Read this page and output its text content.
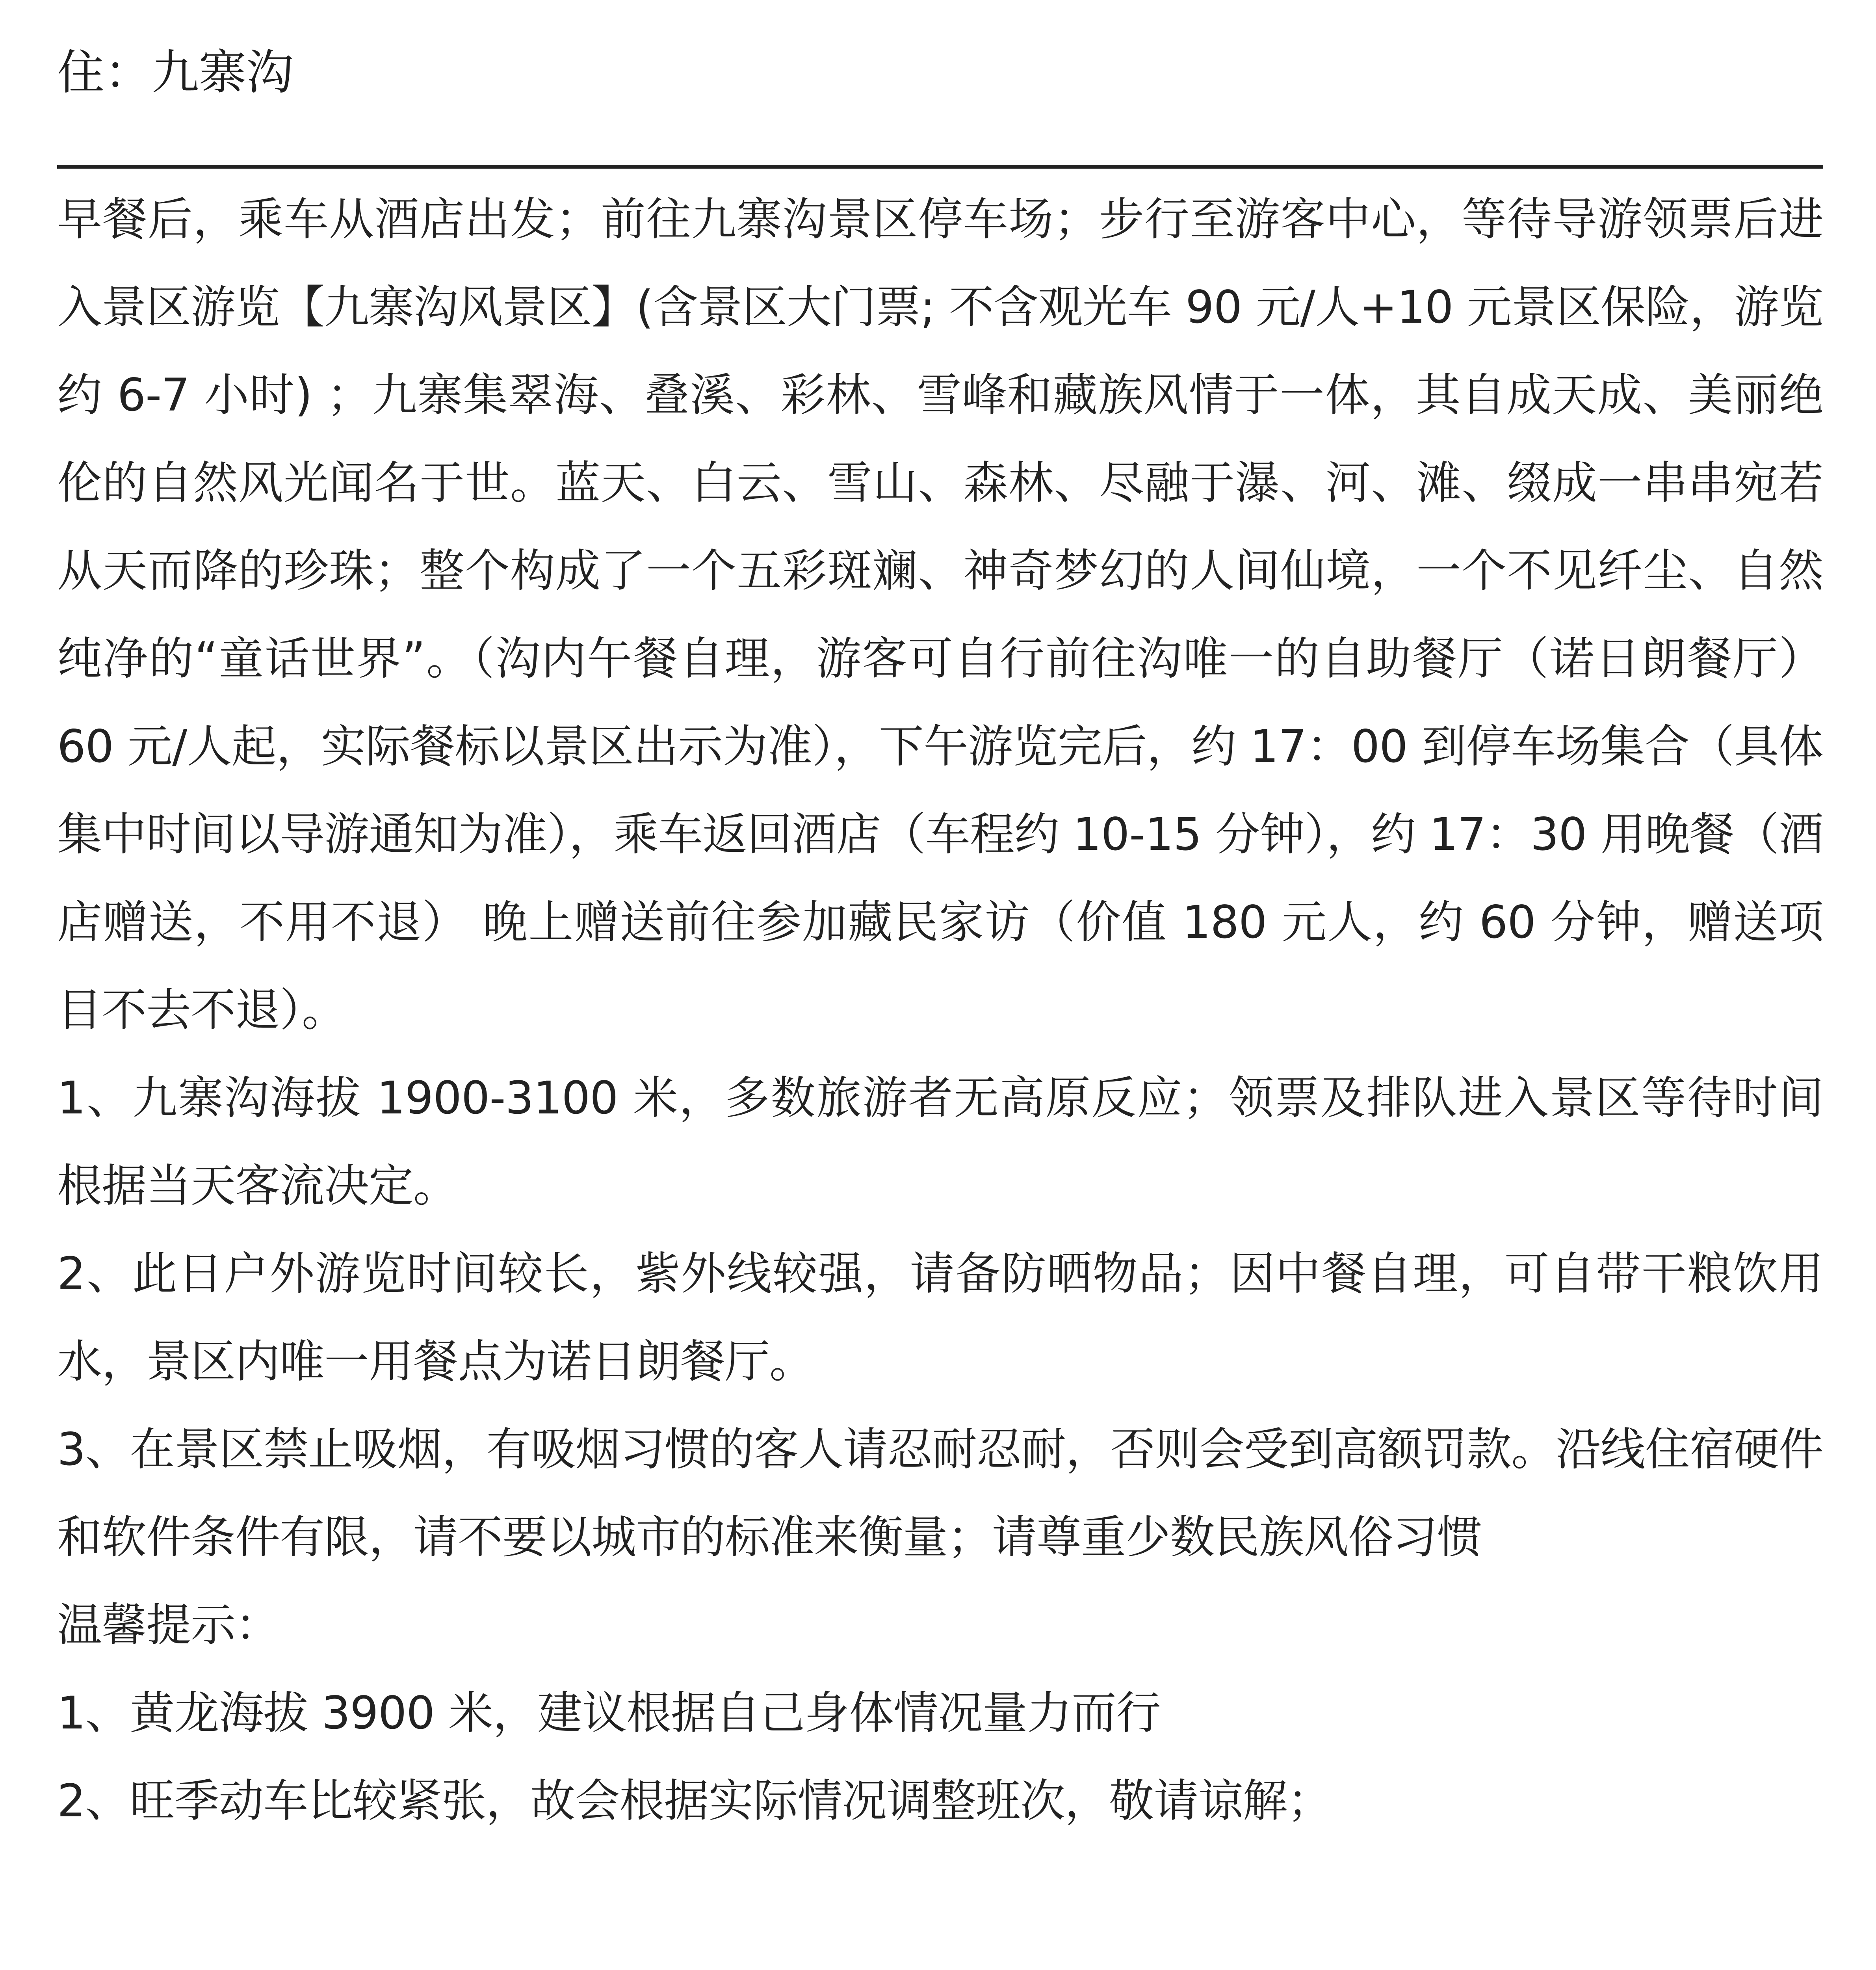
住：九寨沟

早餐后，乘车从酒店出发；前往九寨沟景区停车场；步行至游客中心，等待导游领票后进入景区游览【九寨沟风景区】(含景区大门票; 不含观光车 90 元/人+10 元景区保险，游览约 6-7 小时) ；九寨集翠海、叠溪、彩林、雪峰和藏族风情于一体，其自成天成、美丽绝伦的自然风光闻名于世。蓝天、白云、雪山、森林、尽融于瀑、河、滩、缀成一串串宛若从天而降的珍珠；整个构成了一个五彩斑斓、神奇梦幻的人间仙境，一个不见纤尘、自然纯净的“童话世界”。（沟内午餐自理，游客可自行前往沟唯一的自助餐厅（诺日朗餐厅）60 元/人起，实际餐标以景区出示为准），下午游览完后，约 17：00 到停车场集合（具体集中时间以导游通知为准），乘车返回酒店（车程约 10-15 分钟），约 17：30 用晚餐（酒店赠送，不用不退） 晚上赠送前往参加藏民家访（价值 180 元人，约 60 分钟，赠送项目不去不退）。

1、九寨沟海拔 1900-3100 米，多数旅游者无高原反应；领票及排队进入景区等待时间根据当天客流决定。

2、此日户外游览时间较长，紫外线较强，请备防晒物品；因中餐自理，可自带干粮饮用水，景区内唯一用餐点为诺日朗餐厅。

3、在景区禁止吸烟，有吸烟习惯的客人请忍耐忍耐，否则会受到高额罚款。沿线住宿硬件和软件条件有限，请不要以城市的标准来衡量；请尊重少数民族风俗习惯

温馨提示：

1、黄龙海拔 3900 米，建议根据自己身体情况量力而行

2、旺季动车比较紧张，故会根据实际情况调整班次，敬请谅解；
